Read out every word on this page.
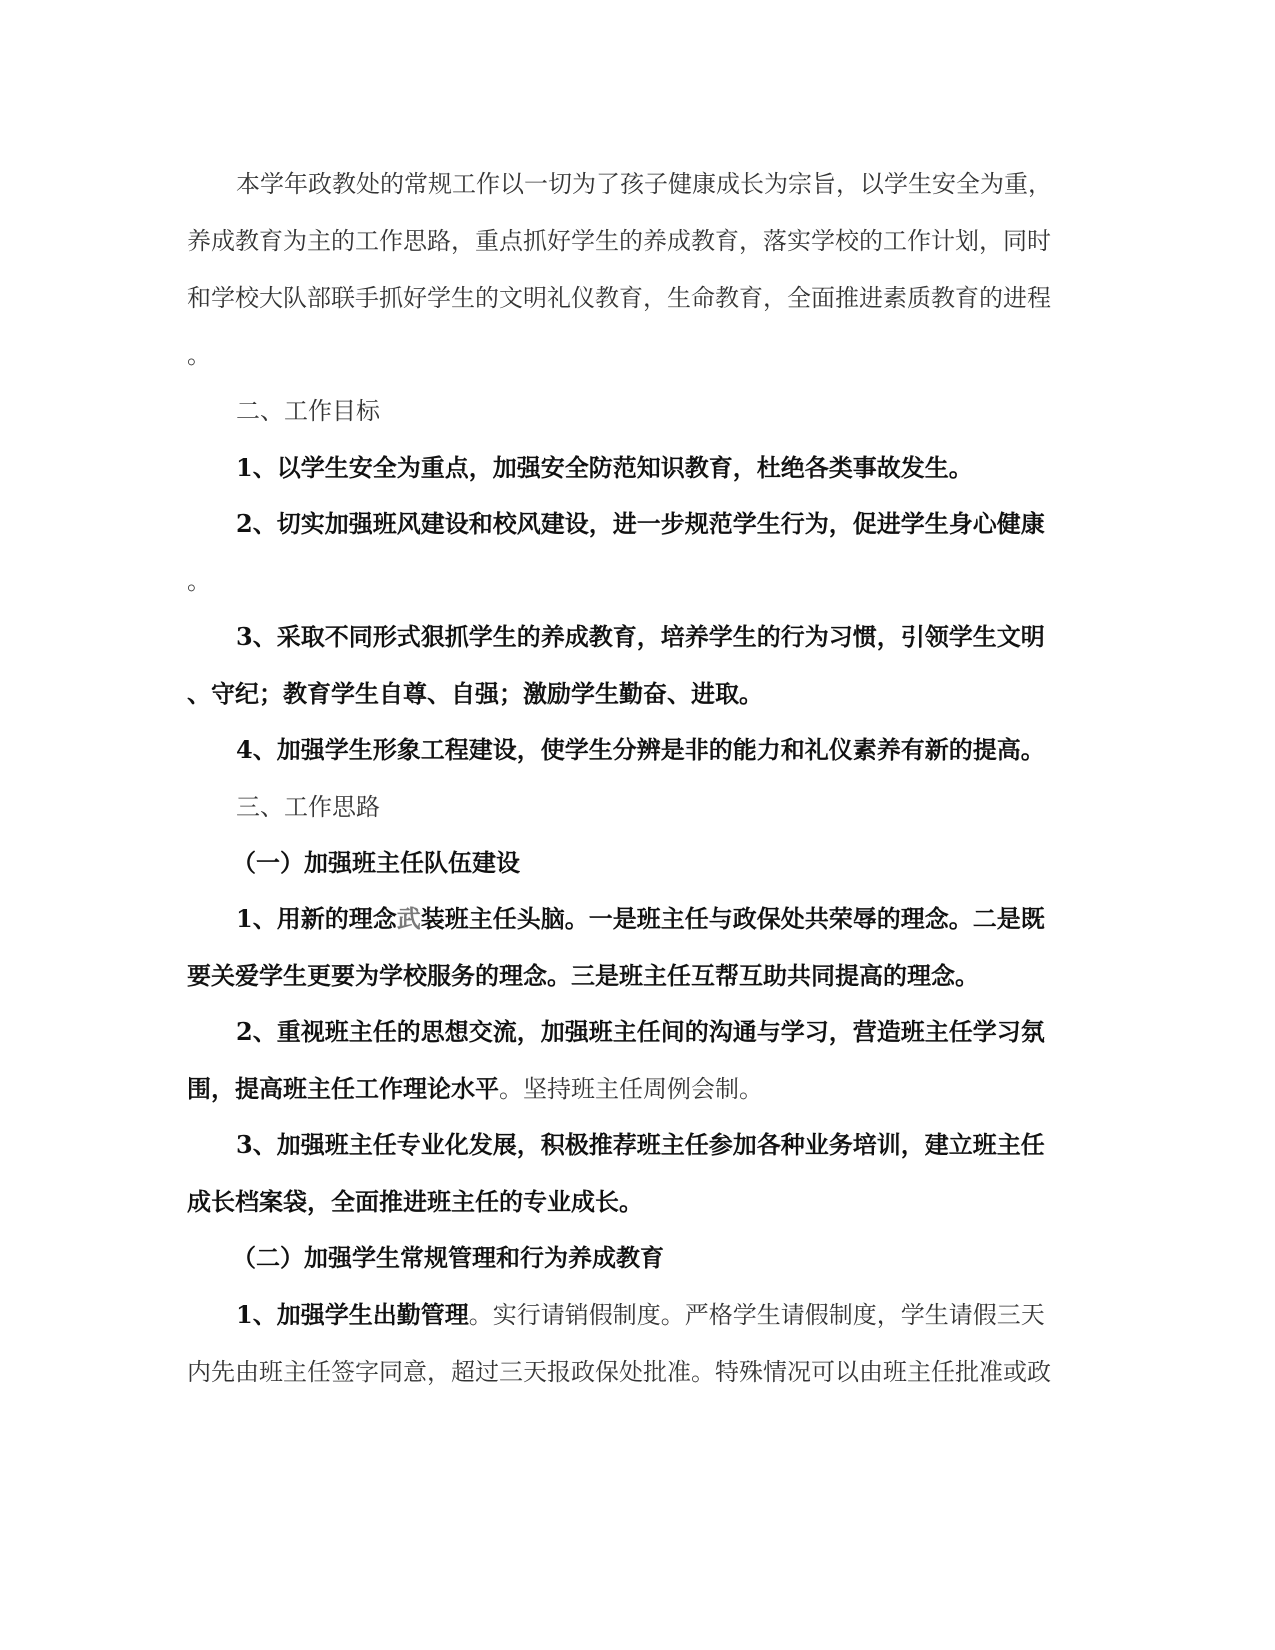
本学年政教处的常规工作以一切为了孩子健康成长为宗旨，以学生安全为重，
养成教育为主的工作思路，重点抓好学生的养成教育，落实学校的工作计划，同时
和学校大队部联手抓好学生的文明礼仪教育，生命教育，全面推进素质教育的进程
。
二、工作目标
1、以学生安全为重点，加强安全防范知识教育，杜绝各类事故发生。
2、切实加强班风建设和校风建设，进一步规范学生行为，促进学生身心健康
。
3、采取不同形式狠抓学生的养成教育，培养学生的行为习惯，引领学生文明
、守纪；教育学生自尊、自强；激励学生勤奋、进取。
4、加强学生形象工程建设，使学生分辨是非的能力和礼仪素养有新的提高。
三、工作思路
（一）加强班主任队伍建设
1、用新的理念武装班主任头脑。一是班主任与政保处共荣辱的理念。二是既
要关爱学生更要为学校服务的理念。三是班主任互帮互助共同提高的理念。
2、重视班主任的思想交流，加强班主任间的沟通与学习，营造班主任学习氛
围，提高班主任工作理论水平。坚持班主任周例会制。
3、加强班主任专业化发展，积极推荐班主任参加各种业务培训，建立班主任
成长档案袋，全面推进班主任的专业成长。
（二）加强学生常规管理和行为养成教育
1、加强学生出勤管理。实行请销假制度。严格学生请假制度，学生请假三天
内先由班主任签字同意，超过三天报政保处批准。特殊情况可以由班主任批准或政
